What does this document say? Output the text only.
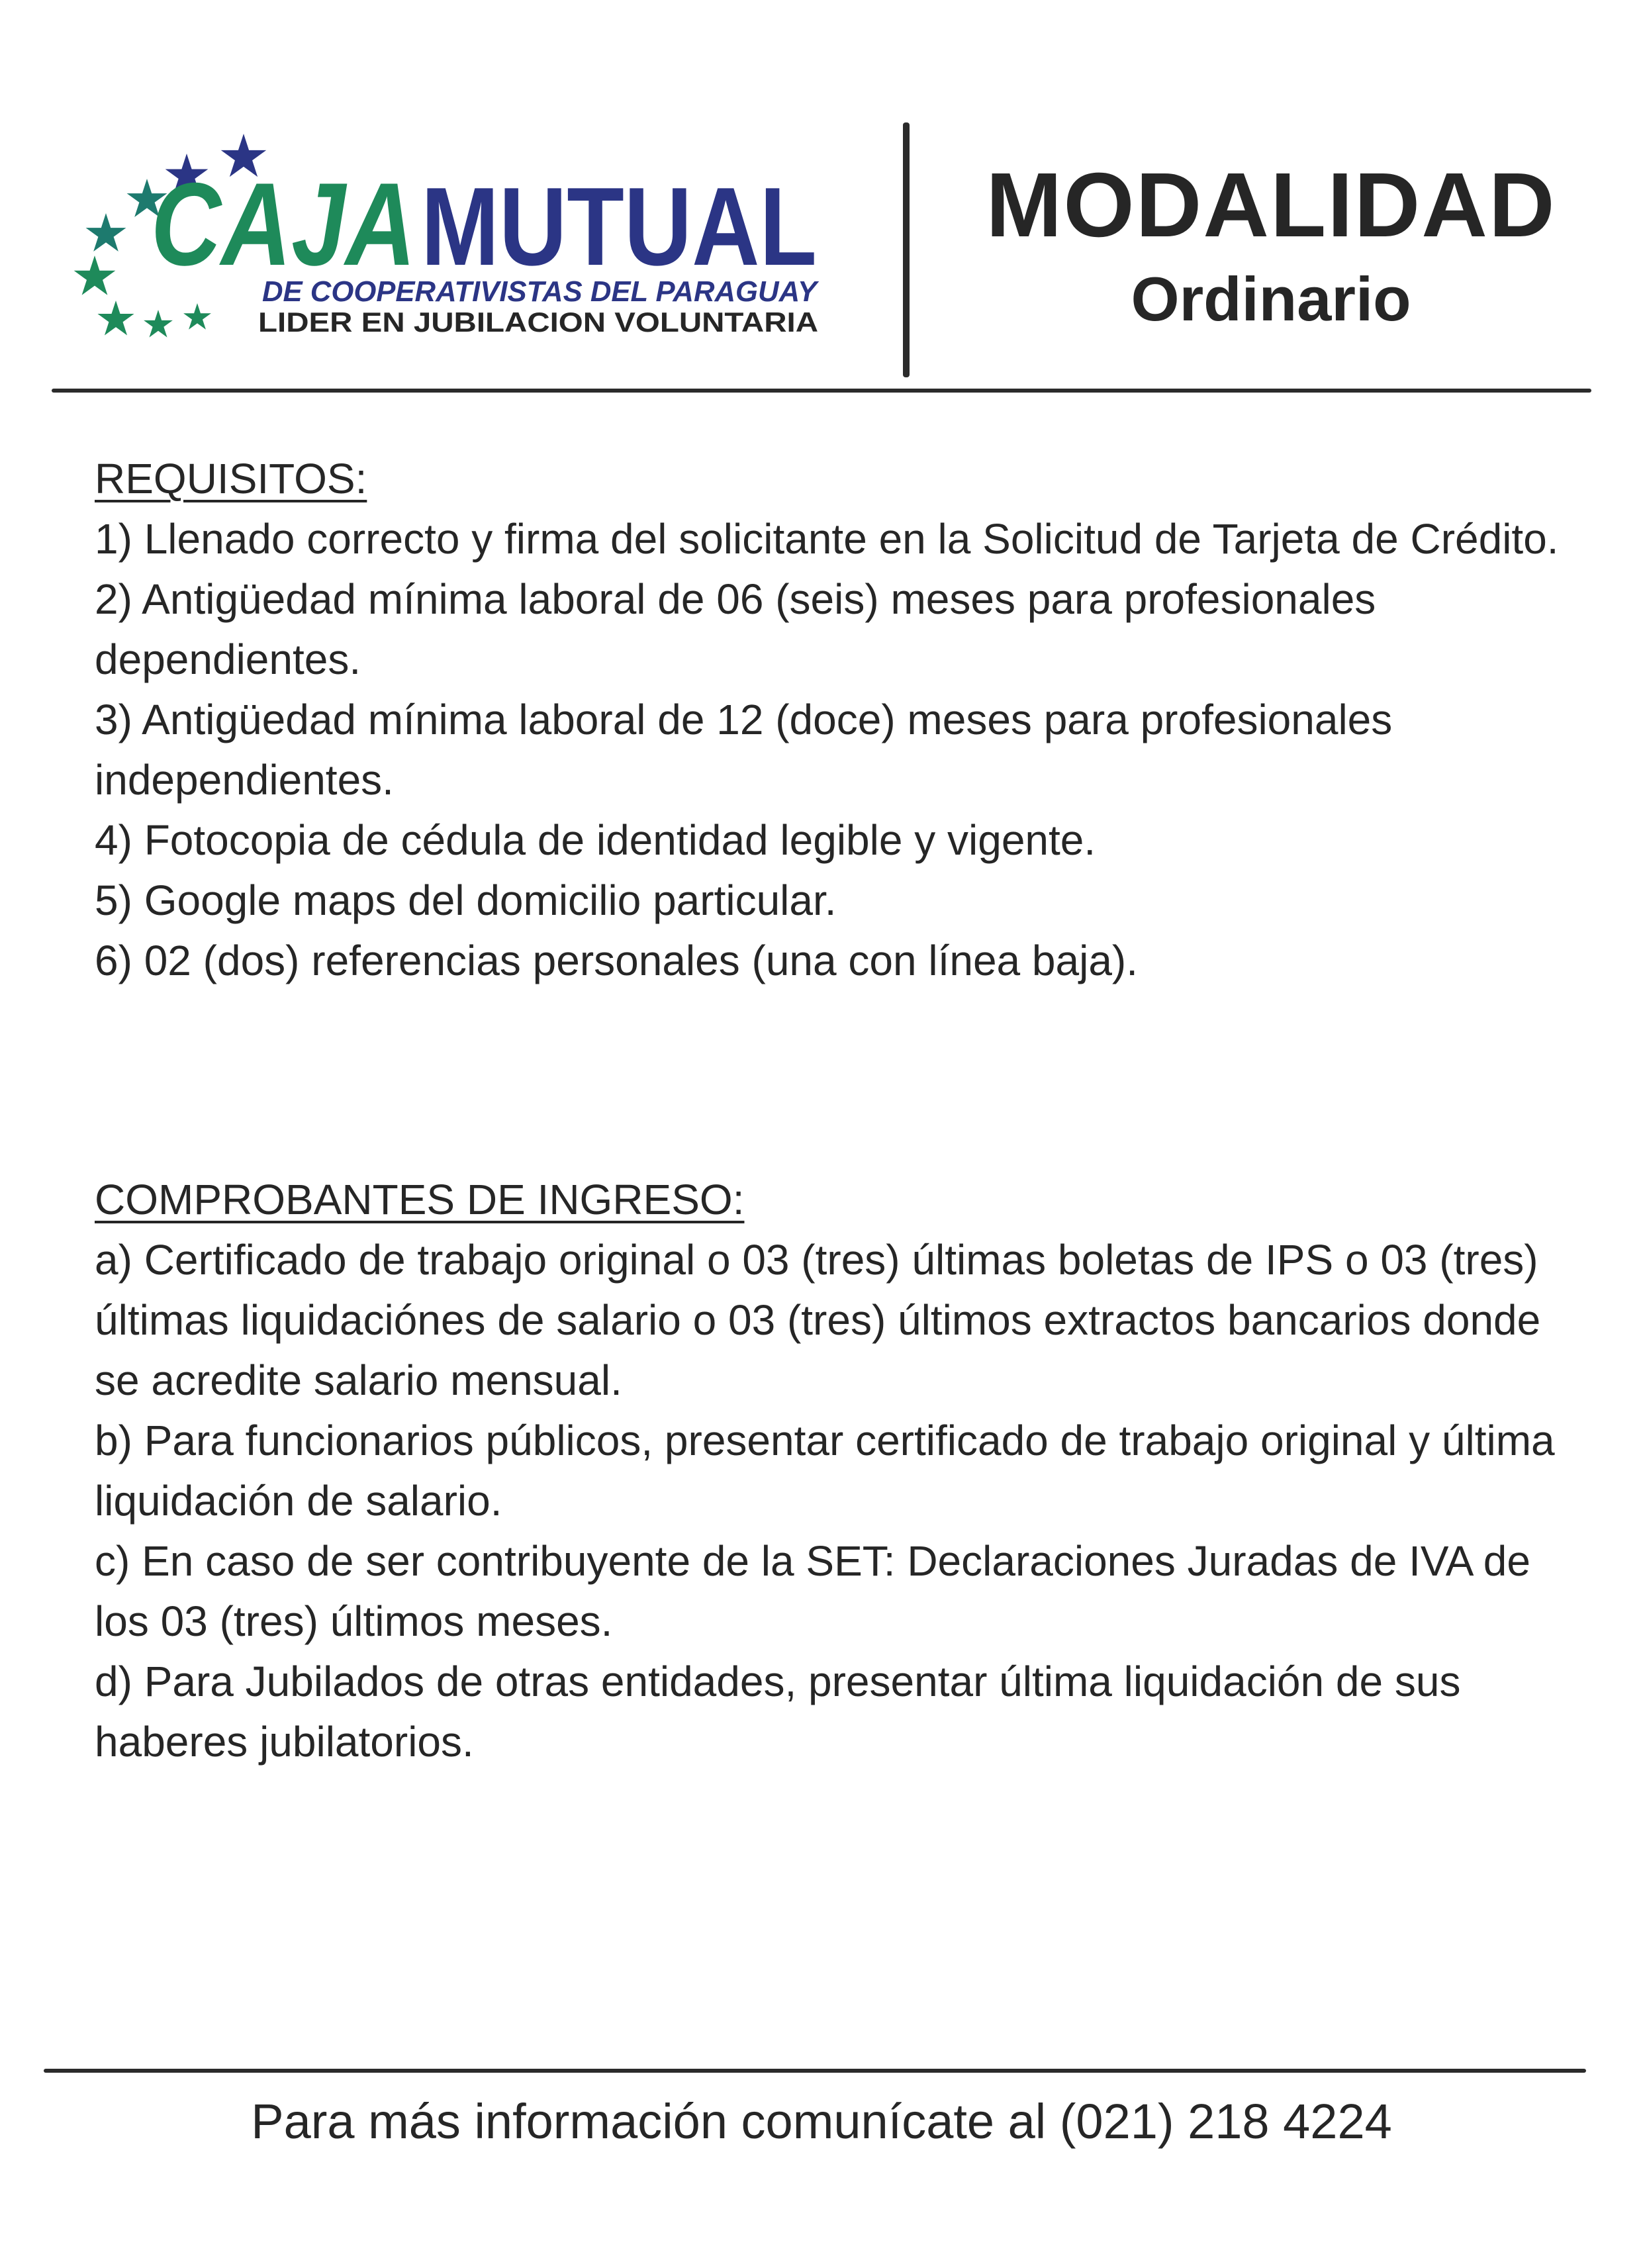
CAJA MUTUAL
DE COOPERATIVISTAS DEL PARAGUAY
LIDER EN JUBILACION VOLUNTARIA
MODALIDAD
Ordinario
REQUISITOS:

1) Llenado correcto y firma del solicitante en la Solicitud de Tarjeta de Crédito.

2) Antigüedad mínima laboral de 06 (seis) meses para profesionales dependientes.

3) Antigüedad mínima laboral de 12 (doce) meses para profesionales independientes.

4) Fotocopia de cédula de identidad legible y vigente.

5) Google maps del domicilio particular.

6) 02 (dos) referencias personales (una con línea baja).

COMPROBANTES DE INGRESO:

a) Certificado de trabajo original o 03 (tres) últimas boletas de IPS o 03 (tres) últimas liquidaciónes de salario o 03 (tres) últimos extractos bancarios donde se acredite salario mensual.

b) Para funcionarios públicos, presentar certificado de trabajo original y última liquidación de salario.

c) En caso de ser contribuyente de la SET: Declaraciones Juradas de IVA de los 03 (tres) últimos meses.

d) Para Jubilados de otras entidades, presentar última liquidación de sus haberes jubilatorios.

Para más información comunícate al (021) 218 4224
